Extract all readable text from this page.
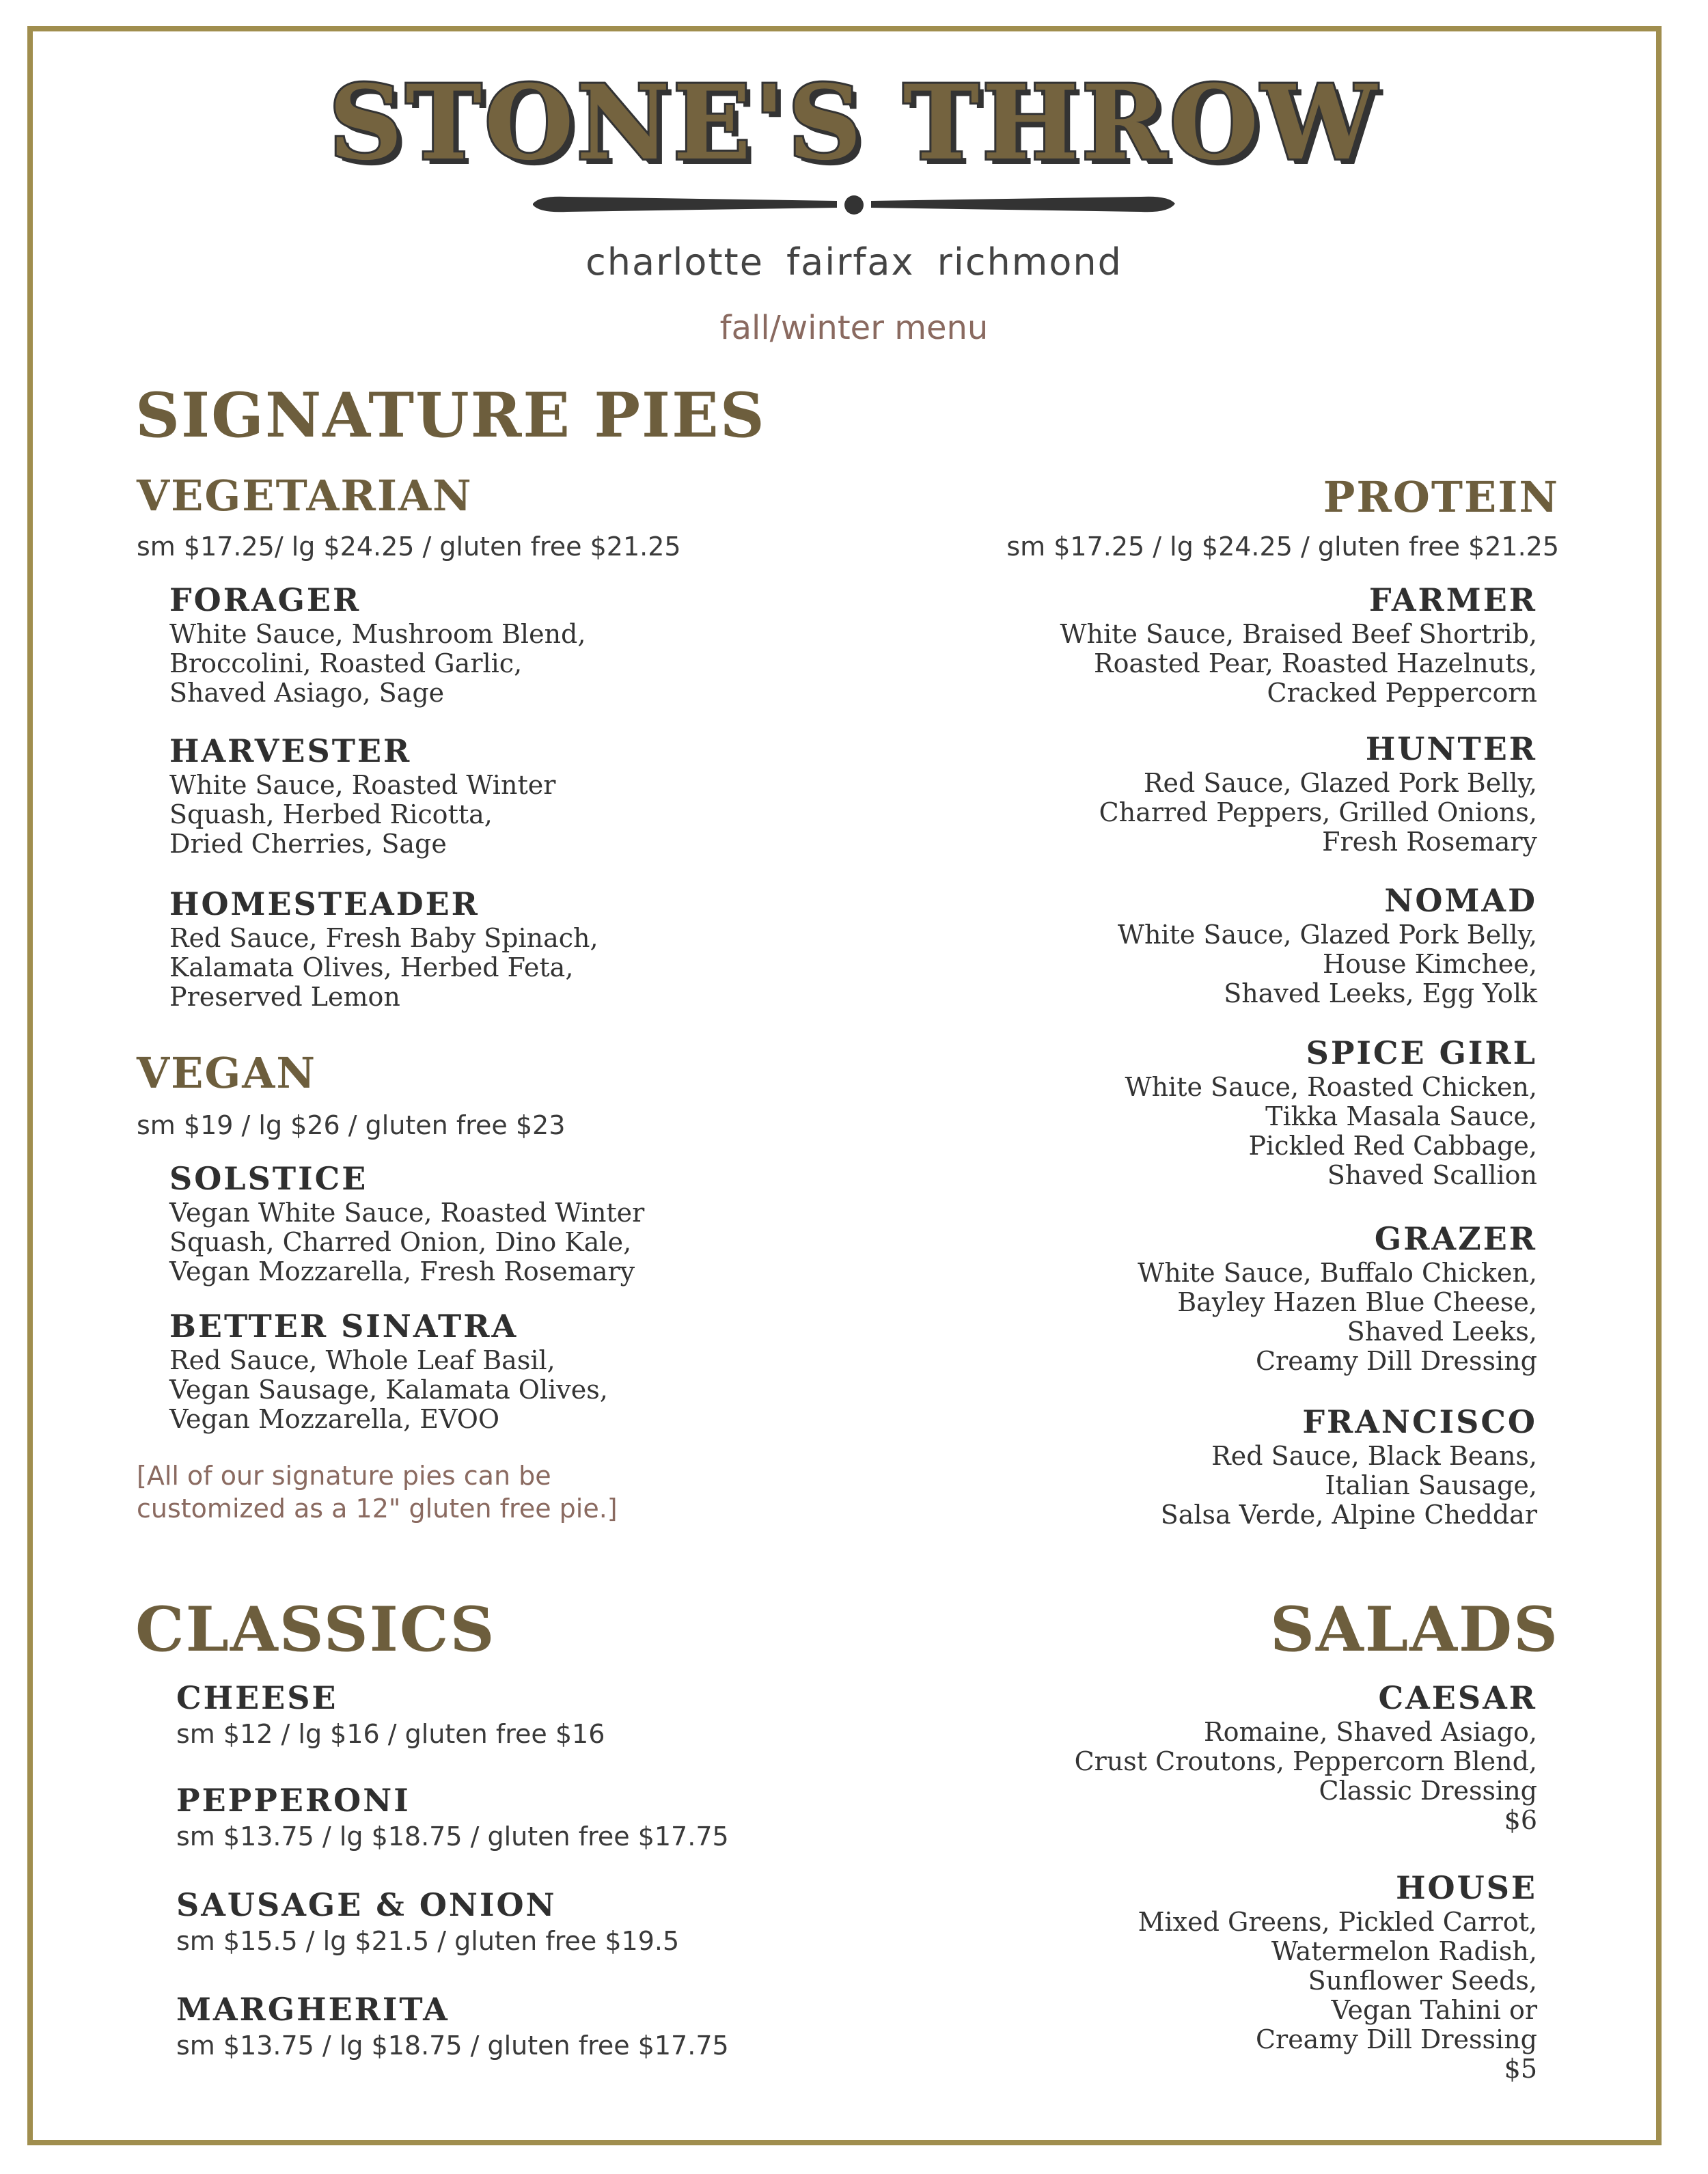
STONE'S THROW
charlotte fairfax richmond
fall/winter menu
SIGNATURE PIES
VEGETARIAN
sm $17.25/ lg $24.25 / gluten free $21.25
FORAGER
White Sauce, Mushroom Blend,
Broccolini, Roasted Garlic,
Shaved Asiago, Sage
HARVESTER
White Sauce, Roasted Winter
Squash, Herbed Ricotta,
Dried Cherries, Sage
HOMESTEADER
Red Sauce, Fresh Baby Spinach,
Kalamata Olives, Herbed Feta,
Preserved Lemon
VEGAN
sm $19 / lg $26 / gluten free $23
SOLSTICE
Vegan White Sauce, Roasted Winter
Squash, Charred Onion, Dino Kale,
Vegan Mozzarella, Fresh Rosemary
BETTER SINATRA
Red Sauce, Whole Leaf Basil,
Vegan Sausage, Kalamata Olives,
Vegan Mozzarella, EVOO
[All of our signature pies can be
customized as a 12" gluten free pie.]
PROTEIN
sm $17.25 / lg $24.25 / gluten free $21.25
FARMER
White Sauce, Braised Beef Shortrib,
Roasted Pear, Roasted Hazelnuts,
Cracked Peppercorn
HUNTER
Red Sauce, Glazed Pork Belly,
Charred Peppers, Grilled Onions,
Fresh Rosemary
NOMAD
White Sauce, Glazed Pork Belly,
House Kimchee,
Shaved Leeks, Egg Yolk
SPICE GIRL
White Sauce, Roasted Chicken,
Tikka Masala Sauce,
Pickled Red Cabbage,
Shaved Scallion
GRAZER
White Sauce, Buffalo Chicken,
Bayley Hazen Blue Cheese,
Shaved Leeks,
Creamy Dill Dressing
FRANCISCO
Red Sauce, Black Beans,
Italian Sausage,
Salsa Verde, Alpine Cheddar
CLASSICS
CHEESE
sm $12 / lg $16 / gluten free $16
PEPPERONI
sm $13.75 / lg $18.75 / gluten free $17.75
SAUSAGE & ONION
sm $15.5 / lg $21.5 / gluten free $19.5
MARGHERITA
sm $13.75 / lg $18.75 / gluten free $17.75
SALADS
CAESAR
Romaine, Shaved Asiago,
Crust Croutons, Peppercorn Blend,
Classic Dressing
$6
HOUSE
Mixed Greens, Pickled Carrot,
Watermelon Radish,
Sunflower Seeds,
Vegan Tahini or
Creamy Dill Dressing
$5
